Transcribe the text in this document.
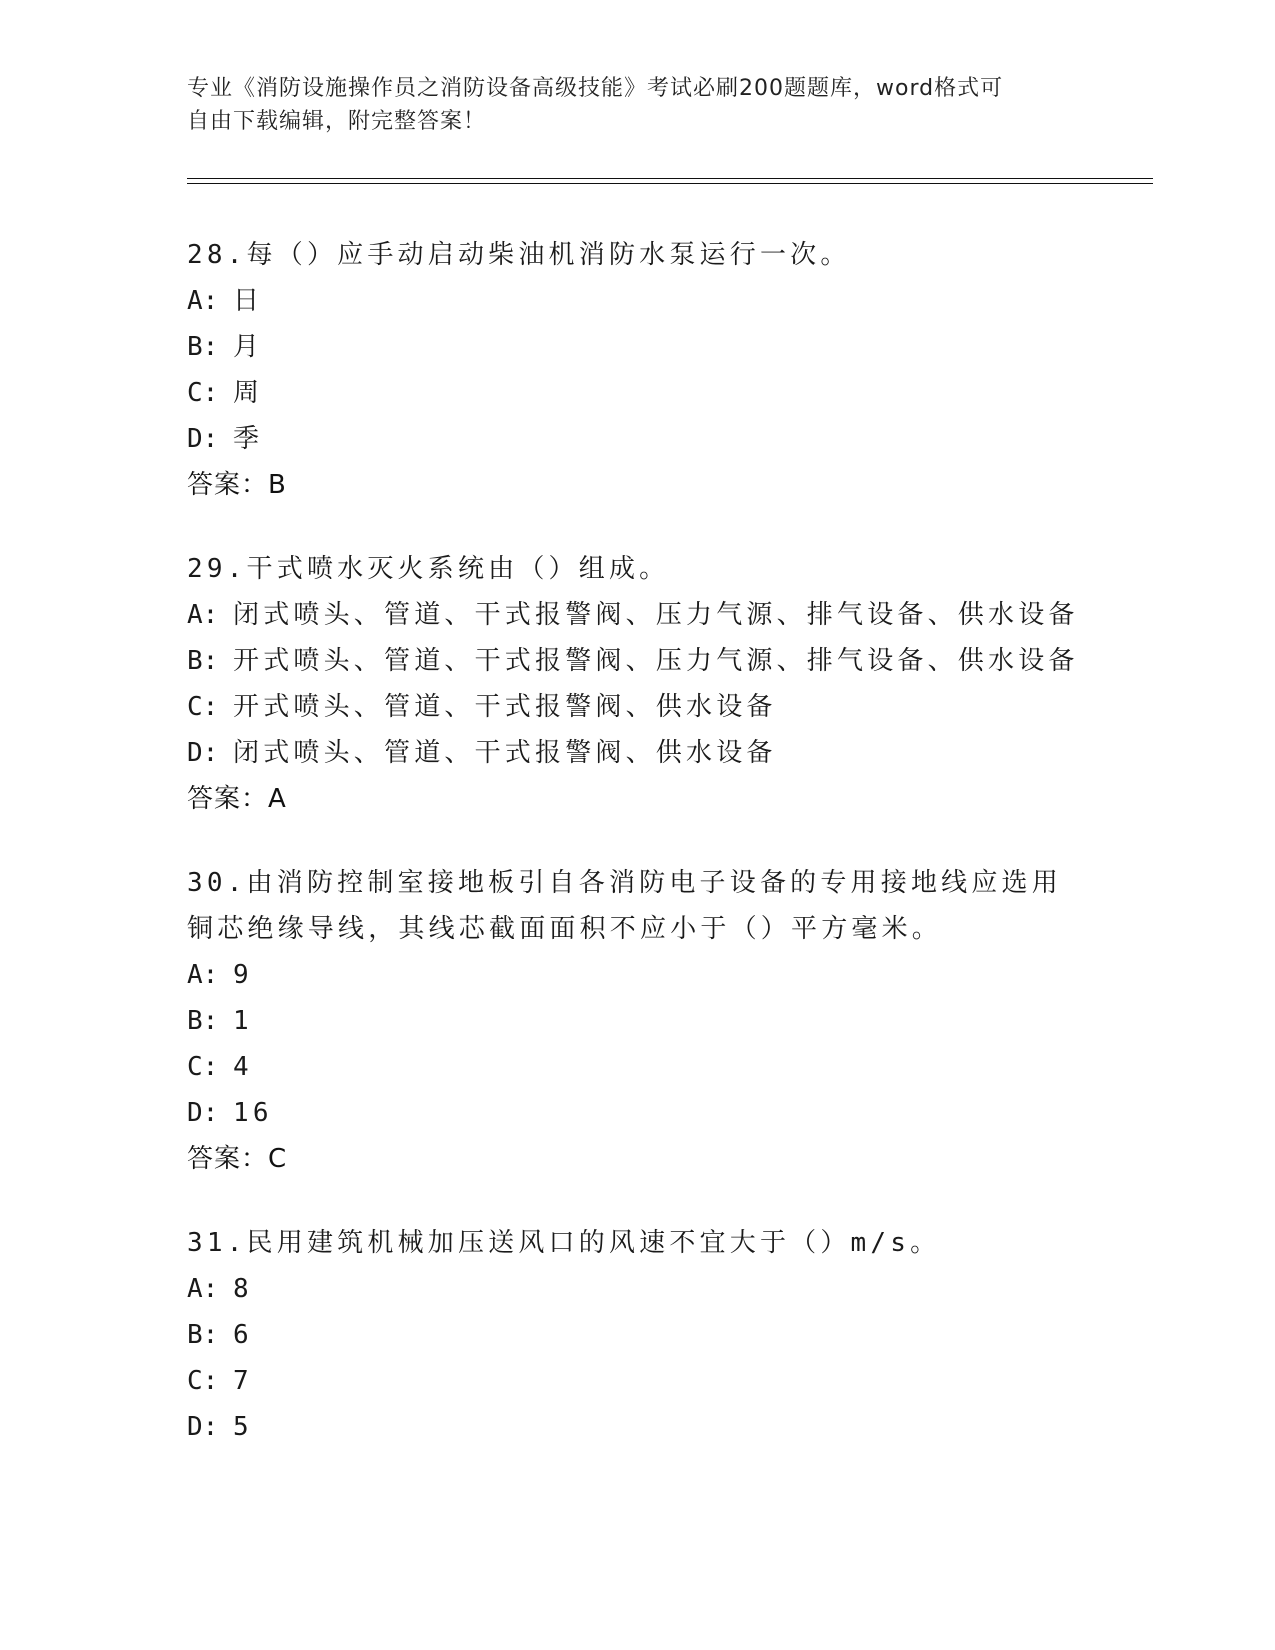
专业《消防设施操作员之消防设备高级技能》考试必刷200题题库，word格式可
自由下载编辑，附完整答案！
28.每（）应手动启动柴油机消防水泵运行一次。
A: 日
B: 月
C: 周
D: 季
答案：B
29.干式喷水灭火系统由（）组成。
A: 闭式喷头、管道、干式报警阀、压力气源、排气设备、供水设备
B: 开式喷头、管道、干式报警阀、压力气源、排气设备、供水设备
C: 开式喷头、管道、干式报警阀、供水设备
D: 闭式喷头、管道、干式报警阀、供水设备
答案：A
30.由消防控制室接地板引自各消防电子设备的专用接地线应选用铜芯绝缘导线，其线芯截面面积不应小于（）平方毫米。
A: 9
B: 1
C: 4
D: 16
答案：C
31.民用建筑机械加压送风口的风速不宜大于（）m/s。
A: 8
B: 6
C: 7
D: 5
